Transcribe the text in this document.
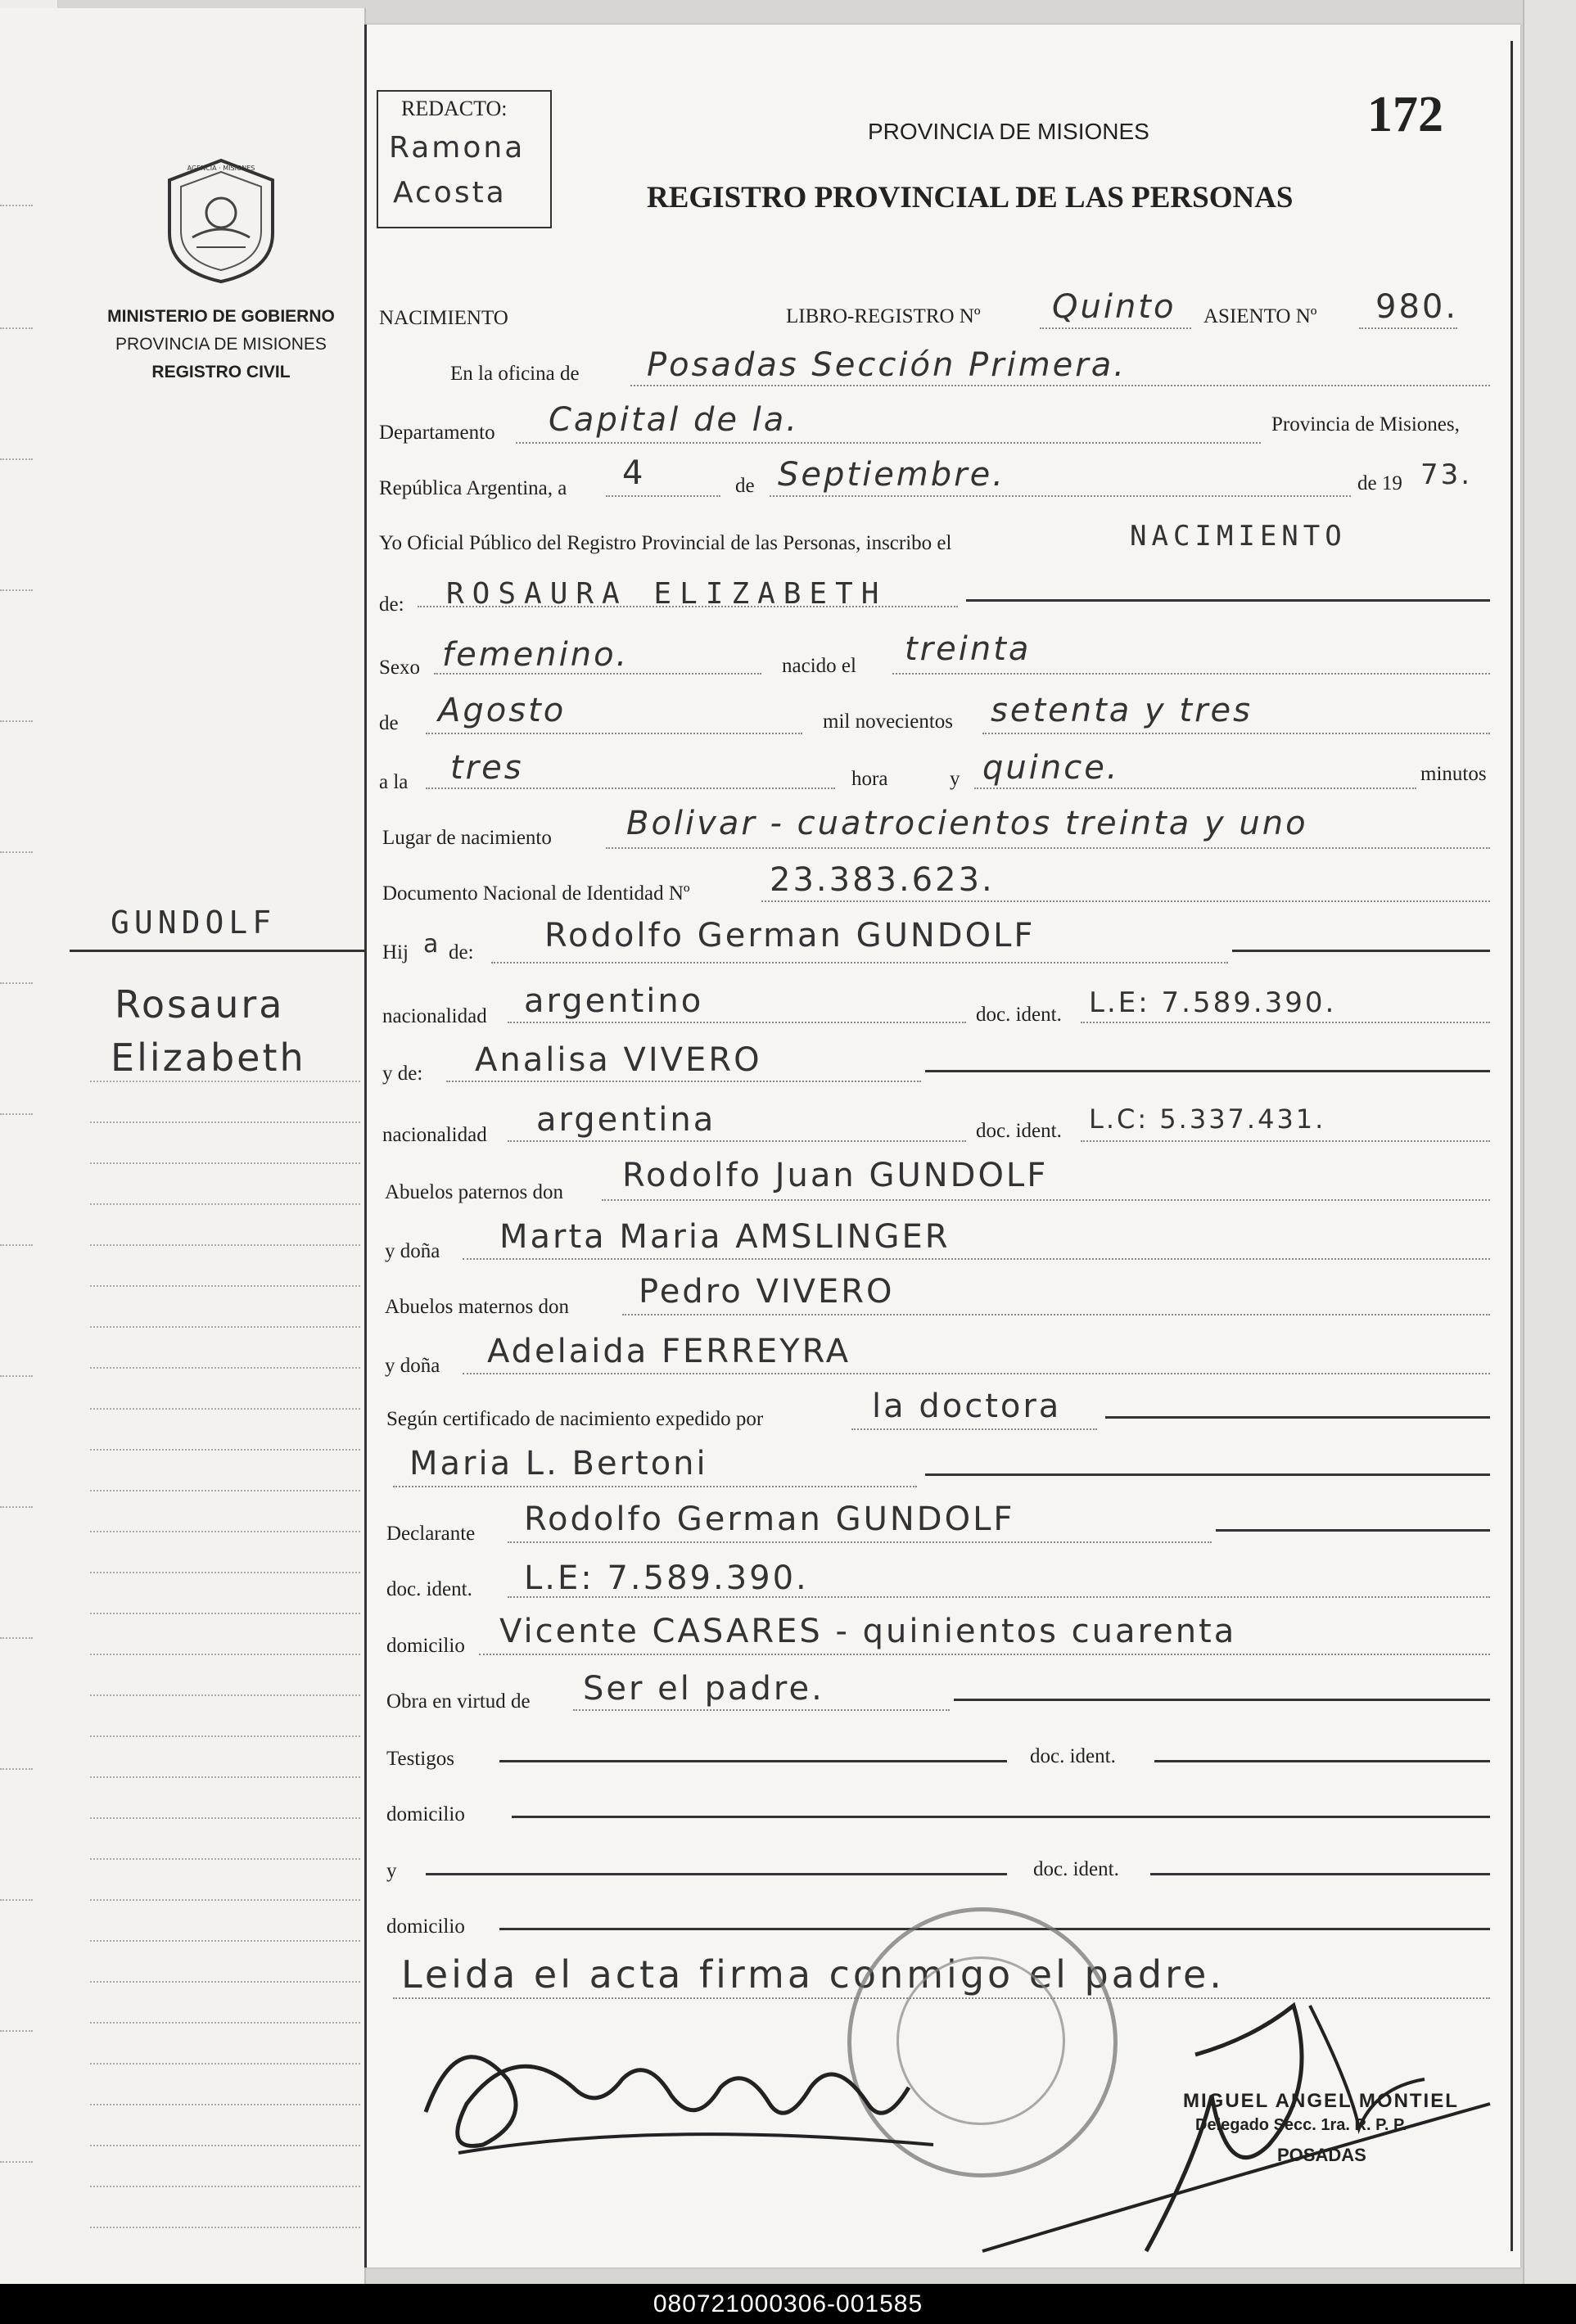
AGENCIA · MISIONES
MINISTERIO DE GOBIERNO
PROVINCIA DE MISIONES
REGISTRO CIVIL
GUNDOLF
Rosaura
Elizabeth
REDACTO:
Ramona
Acosta
PROVINCIA DE MISIONES
REGISTRO PROVINCIAL DE LAS PERSONAS
172
NACIMIENTO	LIBRO-REGISTRO Nº Quinto ASIENTO Nº 980.
En la oficina de Posadas Sección Primera.
Departamento Capital de la.	Provincia de Misiones,
República Argentina, a 4	de Septiembre.	de 19 73.
Yo Oficial Público del Registro Provincial de las Personas, inscribo el	NACIMIENTO
de: ROSAURA ELIZABETH
Sexo femenino.	nacido el treinta
de Agosto	mil novecientos setenta y tres
a la tres	hora	y quince.	minutos
Lugar de nacimiento Bolivar - cuatrocientos treinta y uno
Documento Nacional de Identidad Nº 23.383.623.
Hij a de: Rodolfo German GUNDOLF
nacionalidad argentino	doc. ident. L.E: 7.589.390.
y de: Analisa VIVERO
nacionalidad argentina	doc. ident. L.C: 5.337.431.
Abuelos paternos don Rodolfo Juan GUNDOLF
y doña Marta Maria AMSLINGER
Abuelos maternos don Pedro VIVERO
y doña Adelaida FERREYRA
Según certificado de nacimiento expedido por	la doctora
Maria L. Bertoni
Declarante Rodolfo German GUNDOLF
doc. ident. L.E: 7.589.390.
domicilio Vicente CASARES - quinientos cuarenta
Obra en virtud de Ser el padre.
Testigos	doc. ident.
domicilio
y	doc. ident.
domicilio
Leida el acta firma conmigo el padre.
MIGUEL ANGEL MONTIEL
Delegado Secc. 1ra. R. P. P.
POSADAS
080721000306-001585
